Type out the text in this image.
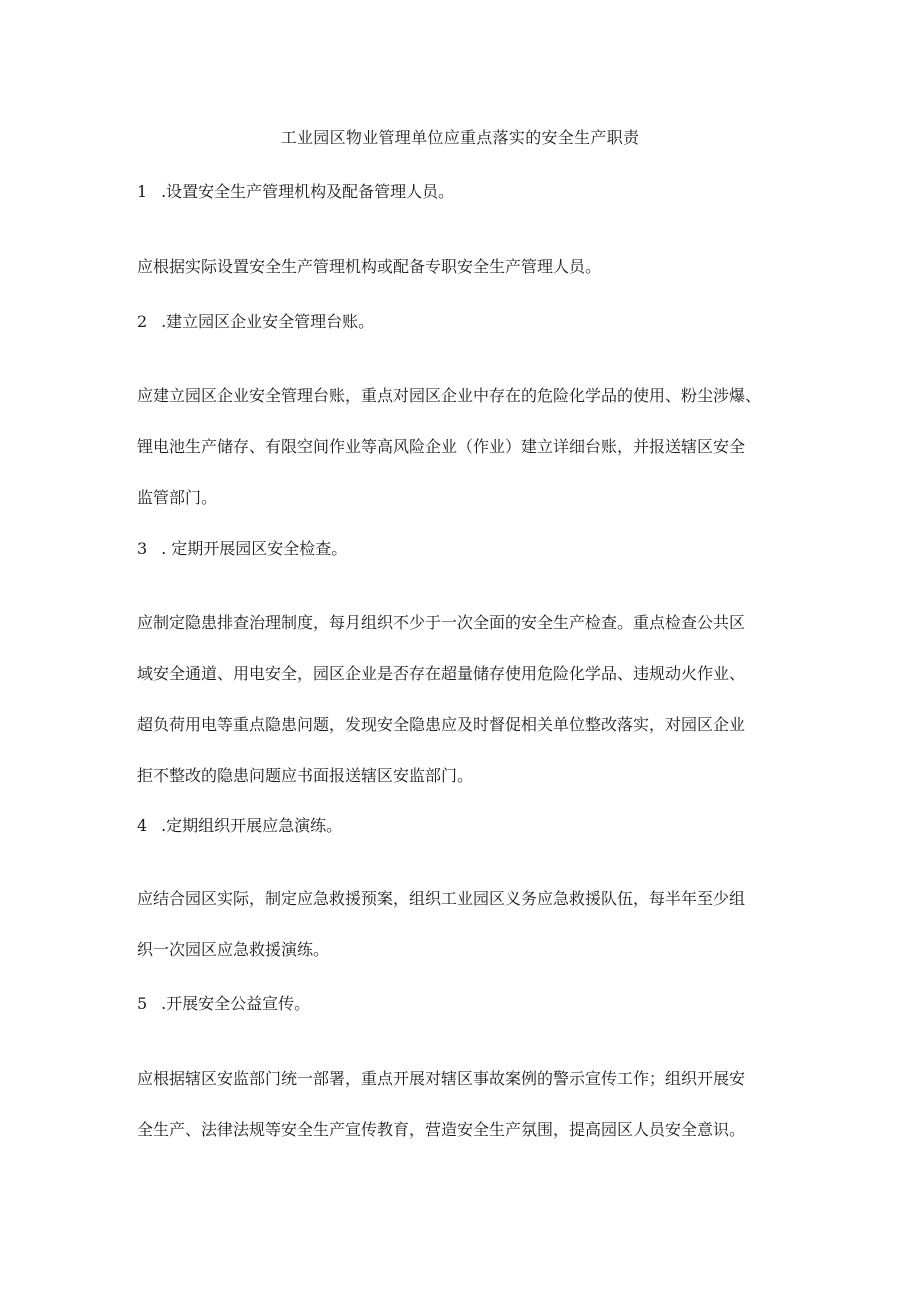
工业园区物业管理单位应重点落实的安全生产职责
1 .设置安全生产管理机构及配备管理人员。
应根据实际设置安全生产管理机构或配备专职安全生产管理人员。
2 .建立园区企业安全管理台账。
应建立园区企业安全管理台账，重点对园区企业中存在的危险化学品的使用、粉尘涉爆、
锂电池生产储存、有限空间作业等高风险企业（作业）建立详细台账，并报送辖区安全
监管部门。
3 . 定期开展园区安全检查。
应制定隐患排查治理制度，每月组织不少于一次全面的安全生产检查。重点检查公共区
域安全通道、用电安全，园区企业是否存在超量储存使用危险化学品、违规动火作业、
超负荷用电等重点隐患问题，发现安全隐患应及时督促相关单位整改落实，对园区企业
拒不整改的隐患问题应书面报送辖区安监部门。
4 .定期组织开展应急演练。
应结合园区实际，制定应急救援预案，组织工业园区义务应急救援队伍，每半年至少组
织一次园区应急救援演练。
5 .开展安全公益宣传。
应根据辖区安监部门统一部署，重点开展对辖区事故案例的警示宣传工作；组织开展安
全生产、法律法规等安全生产宣传教育，营造安全生产氛围，提高园区人员安全意识。
